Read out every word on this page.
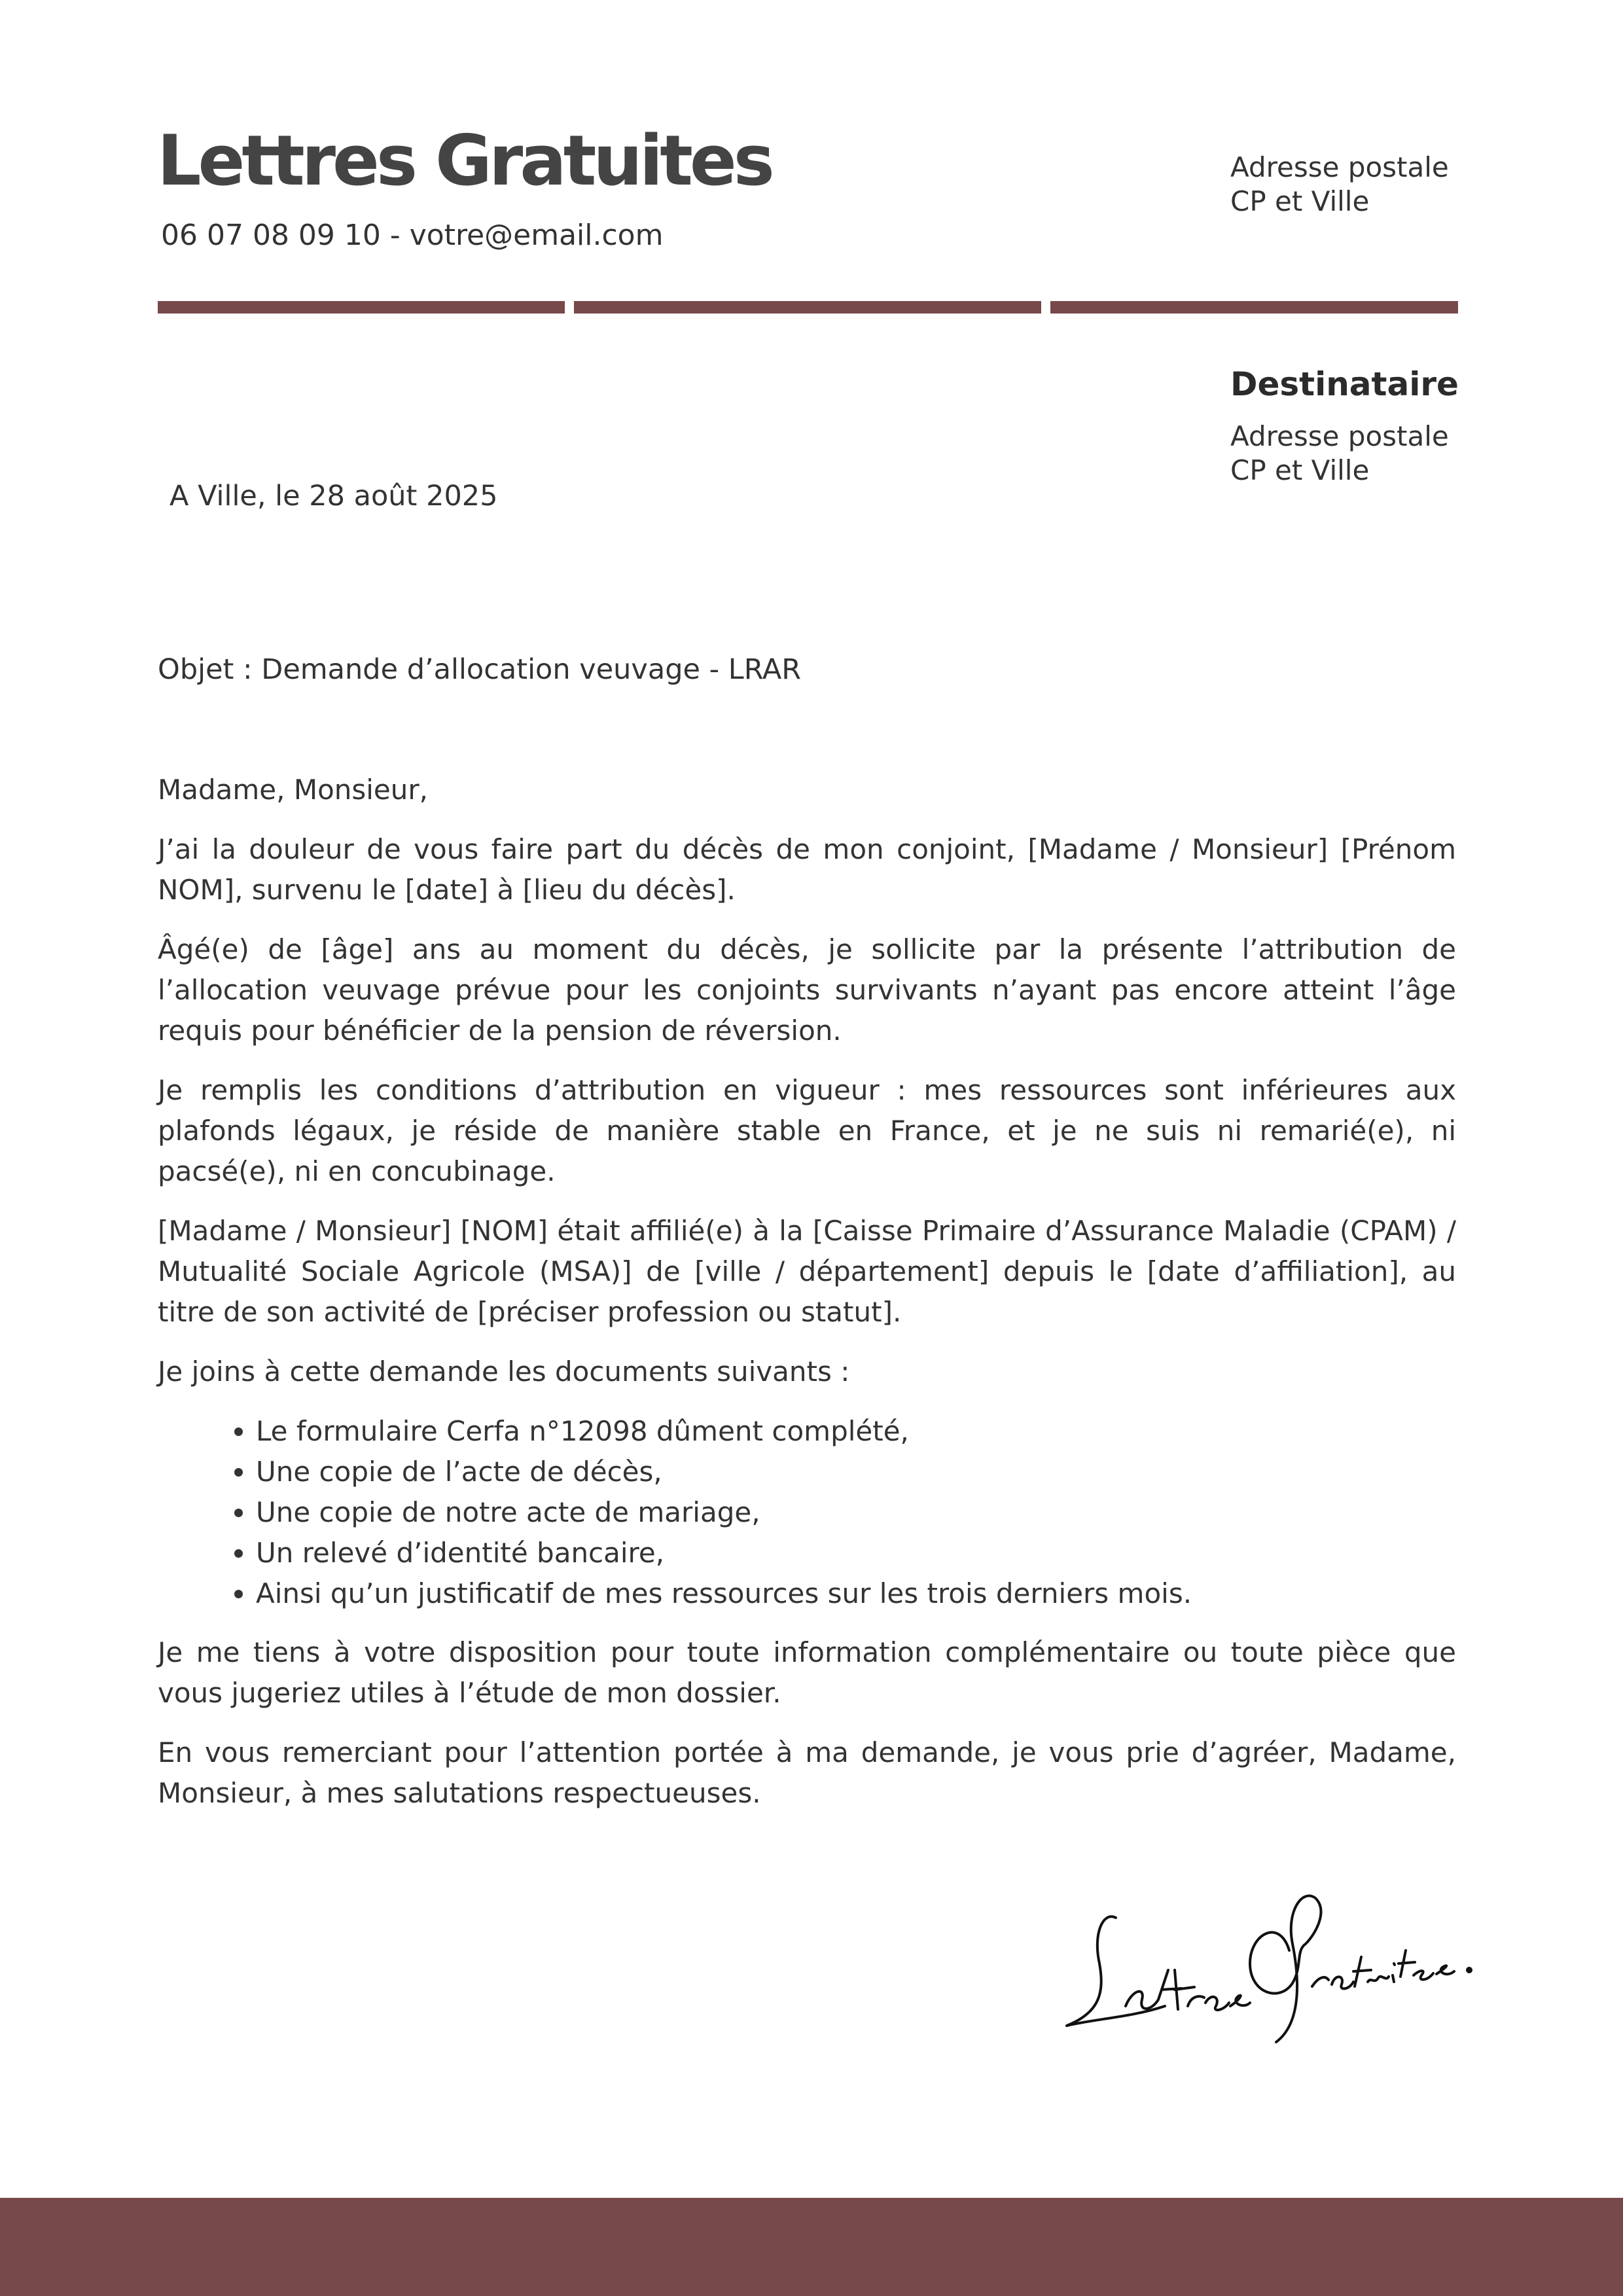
Lettres Gratuites
06 07 08 09 10 - votre@email.com
Adresse postale
CP et Ville
Destinataire
Adresse postale
CP et Ville
A Ville, le 28 août 2025
Objet : Demande d’allocation veuvage - LRAR

Madame, Monsieur,

J’ai la douleur de vous faire part du décès de mon conjoint, [Madame / Monsieur] [Prénom NOM], survenu le [date] à [lieu du décès].

Âgé(e) de [âge] ans au moment du décès, je sollicite par la présente l’attribution de l’allocation veuvage prévue pour les conjoints survivants n’ayant pas encore atteint l’âge requis pour bénéficier de la pension de réversion.

Je remplis les conditions d’attribution en vigueur : mes ressources sont inférieures aux plafonds légaux, je réside de manière stable en France, et je ne suis ni remarié(e), ni pacsé(e), ni en concubinage.

[Madame / Monsieur] [NOM] était affilié(e) à la [Caisse Primaire d’Assurance Maladie (CPAM) / Mutualité Sociale Agricole (MSA)] de [ville / département] depuis le [date d’affiliation], au titre de son activité de [préciser profession ou statut].

Je joins à cette demande les documents suivants :

• Le formulaire Cerfa n°12098 dûment complété,
• Une copie de l’acte de décès,
• Une copie de notre acte de mariage,
• Un relevé d’identité bancaire,
• Ainsi qu’un justificatif de mes ressources sur les trois derniers mois.

Je me tiens à votre disposition pour toute information complémentaire ou toute pièce que vous jugeriez utiles à l’étude de mon dossier.

En vous remerciant pour l’attention portée à ma demande, je vous prie d’agréer, Madame, Monsieur, à mes salutations respectueuses.
